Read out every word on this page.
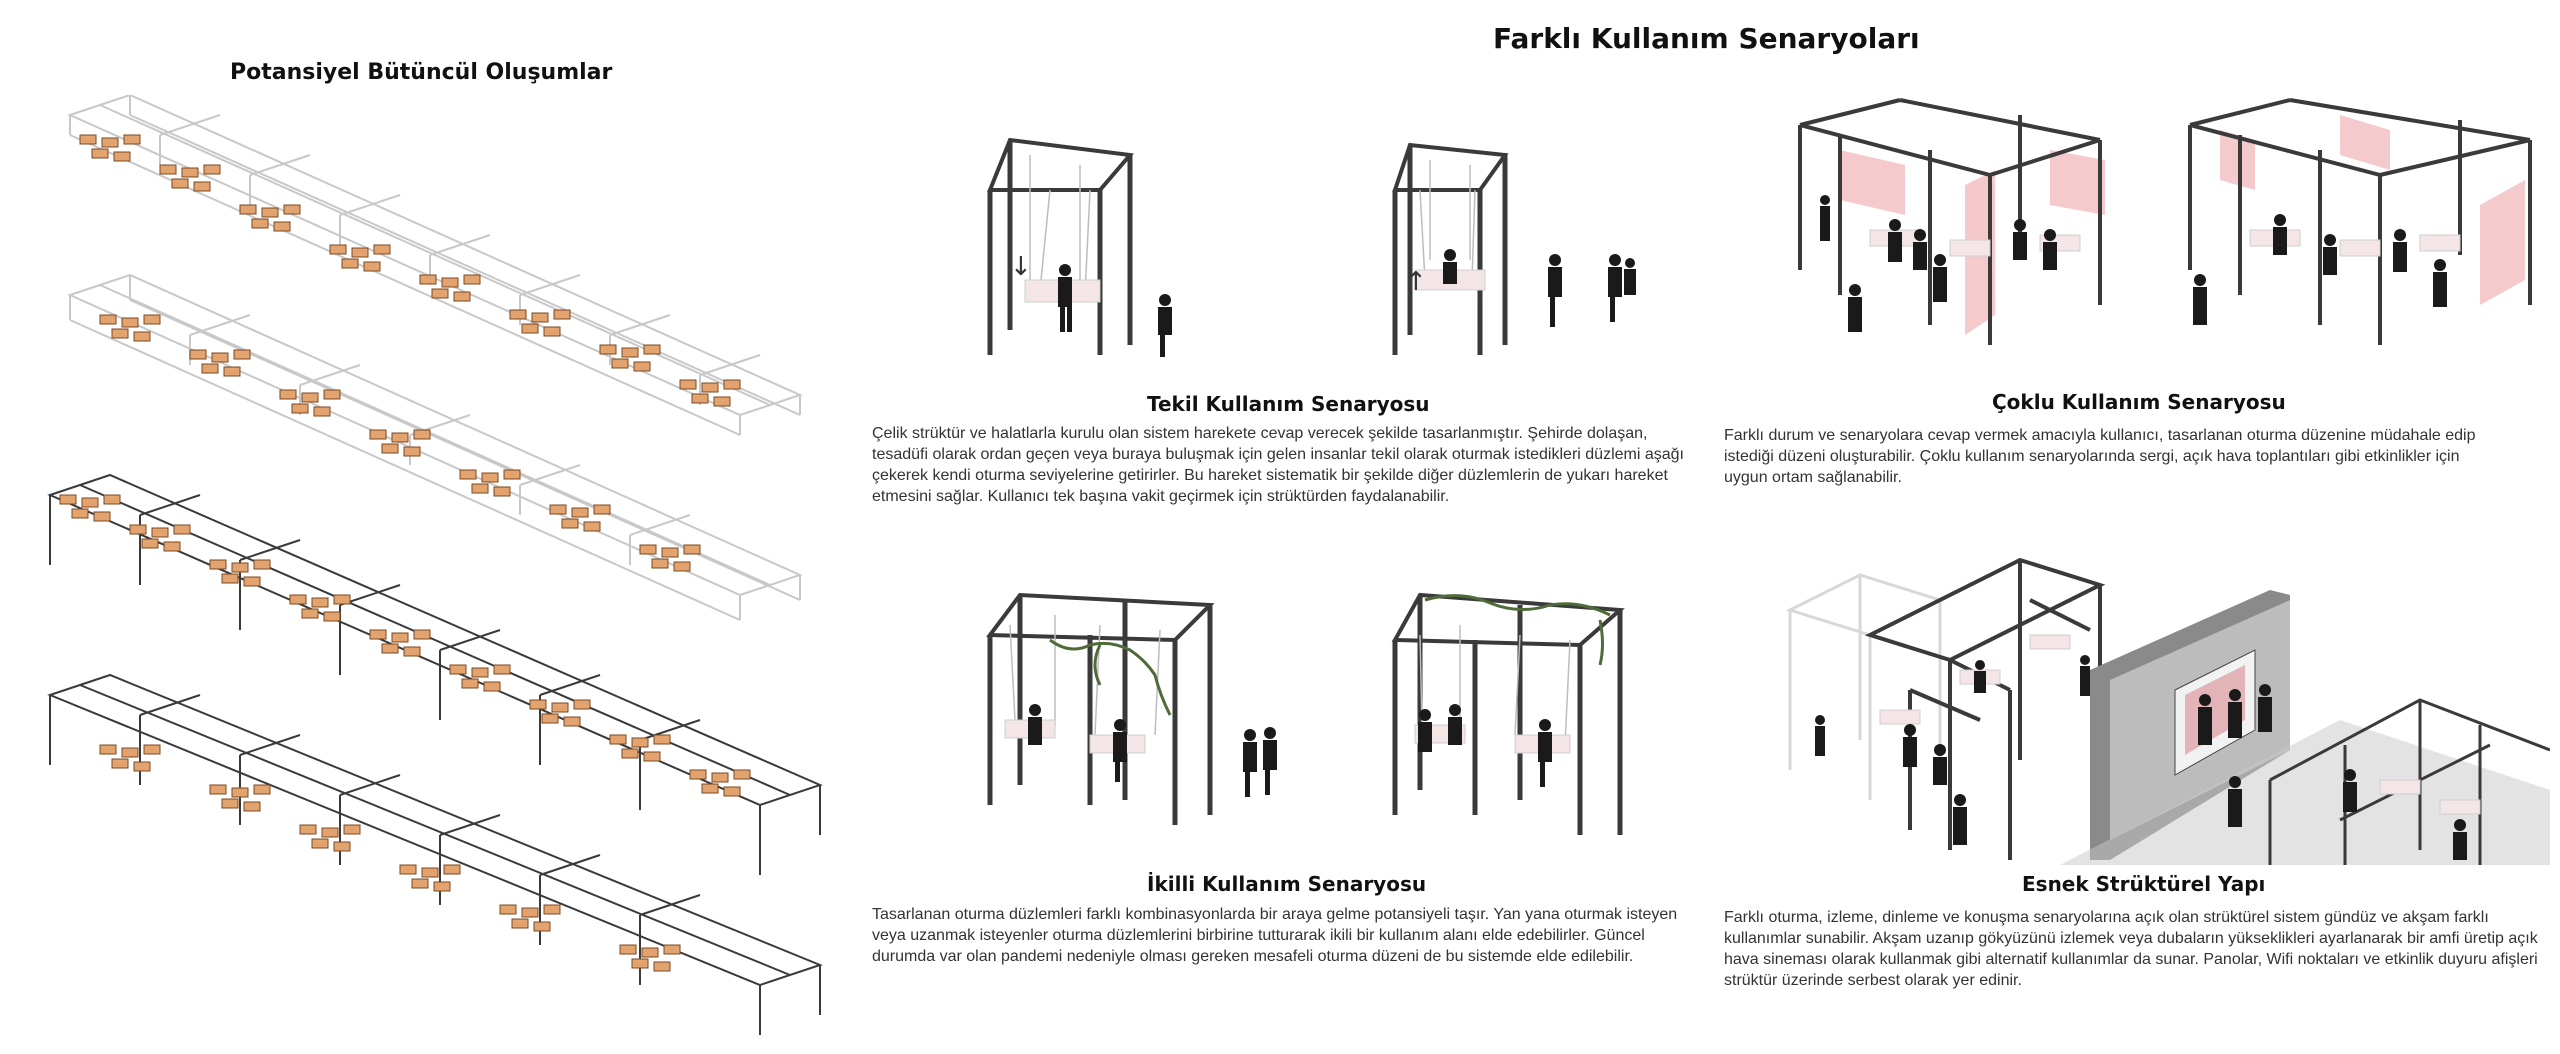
Potansiyel Bütüncül Oluşumlar
Farklı Kullanım Senaryoları
↓	↑
Tekil Kullanım Senaryosu
Çelik strüktür ve halatlarla kurulu olan sistem harekete cevap verecek şekilde tasarlanmıştır. Şehirde dolaşan, tesadüfi olarak ordan geçen veya buraya buluşmak için gelen insanlar tekil olarak oturmak istedikleri düzlemi aşağı çekerek kendi oturma seviyelerine getirirler. Bu hareket sistematik bir şekilde diğer düzlemlerin de yukarı hareket etmesini sağlar. Kullanıcı tek başına vakit geçirmek için strüktürden faydalanabilir.
Çoklu Kullanım Senaryosu
Farklı durum ve senaryolara cevap vermek amacıyla kullanıcı, tasarlanan oturma düzenine müdahale edip istediği düzeni oluşturabilir. Çoklu kullanım senaryolarında sergi, açık hava toplantıları gibi etkinlikler için uygun ortam sağlanabilir.
İkilli Kullanım Senaryosu
Tasarlanan oturma düzlemleri farklı kombinasyonlarda bir araya gelme potansiyeli taşır. Yan yana oturmak isteyen veya uzanmak isteyenler oturma düzlemlerini birbirine tutturarak ikili bir kullanım alanı elde edebilirler. Güncel durumda var olan pandemi nedeniyle olması gereken mesafeli oturma düzeni de bu sistemde elde edilebilir.
Esnek Strüktürel Yapı
Farklı oturma, izleme, dinleme ve konuşma senaryolarına açık olan strüktürel sistem gündüz ve akşam farklı kullanımlar sunabilir. Akşam uzanıp gökyüzünü izlemek veya dubaların yükseklikleri ayarlanarak bir amfi üretip açık hava sineması olarak kullanmak gibi alternatif kullanımlar da sunar. Panolar, Wifi noktaları ve etkinlik duyuru afişleri strüktür üzerinde serbest olarak yer edinir.
